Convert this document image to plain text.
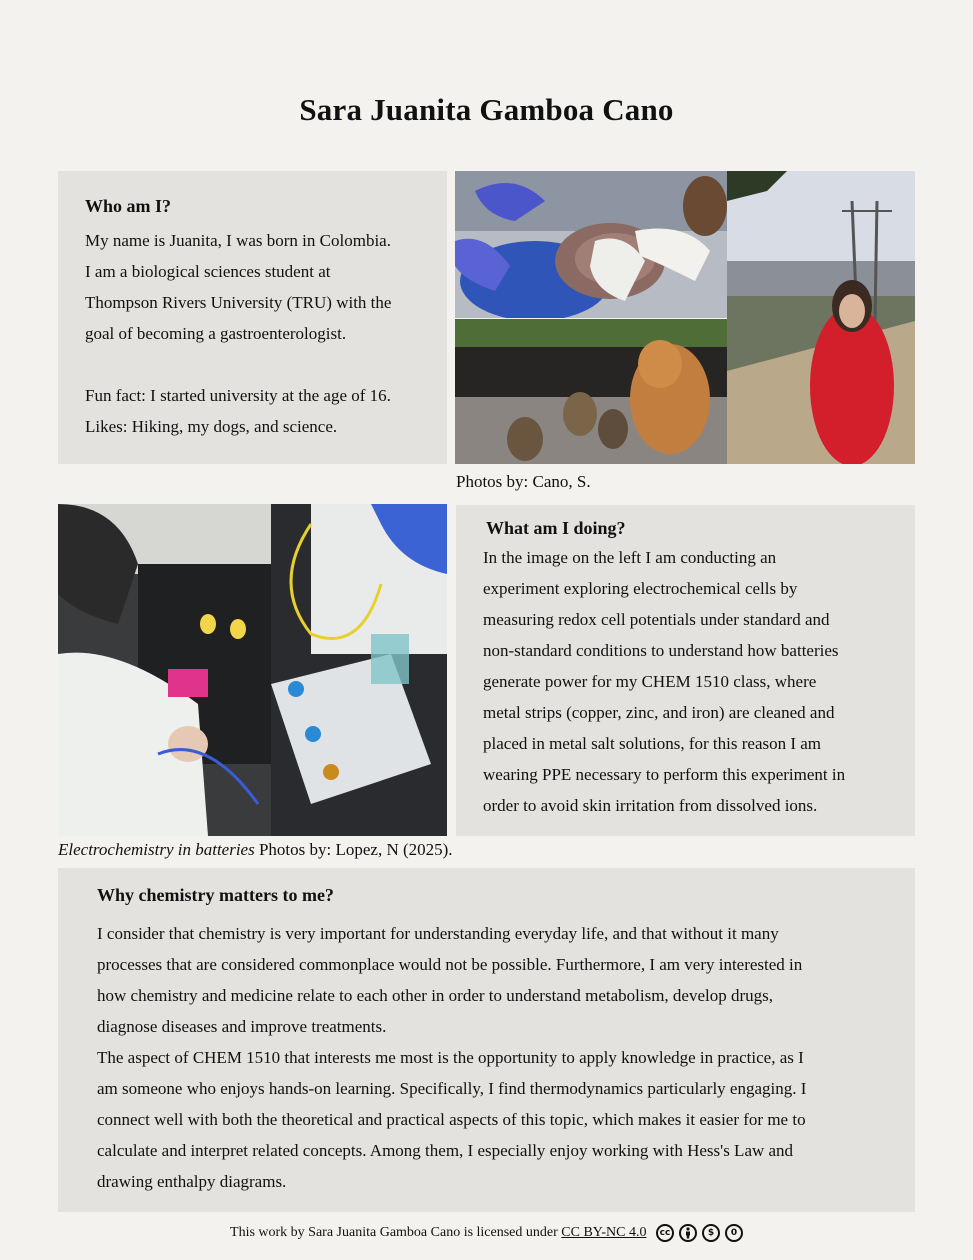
Sara Juanita Gamboa Cano
Who am I?
My name is Juanita, I was born in Colombia.
I am a biological sciences student at
Thompson Rivers University (TRU) with the
goal of becoming a gastroenterologist.
Fun fact: I started university at the age of 16.
Likes: Hiking, my dogs, and science.
Photos by: Cano, S.
Electrochemistry in batteries Photos by: Lopez, N (2025).
What am I doing?
In the image on the left I am conducting an
experiment exploring electrochemical cells by
measuring redox cell potentials under standard and
non-standard conditions to understand how batteries
generate power for my CHEM 1510 class, where
metal strips (copper, zinc, and iron) are cleaned and
placed in metal salt solutions, for this reason I am
wearing PPE necessary to perform this experiment in
order to avoid skin irritation from dissolved ions.
Why chemistry matters to me?
I consider that chemistry is very important for understanding everyday life, and that without it many
processes that are considered commonplace would not be possible. Furthermore, I am very interested in
how chemistry and medicine relate to each other in order to understand metabolism, develop drugs,
diagnose diseases and improve treatments.
The aspect of CHEM 1510 that interests me most is the opportunity to apply knowledge in practice, as I
am someone who enjoys hands-on learning. Specifically, I find thermodynamics particularly engaging. I
connect well with both the theoretical and practical aspects of this topic, which makes it easier for me to
calculate and interpret related concepts. Among them, I especially enjoy working with Hess's Law and
drawing enthalpy diagrams.
This work by Sara Juanita Gamboa Cano is licensed under CC BY-NC 4.0	cc	$	0
